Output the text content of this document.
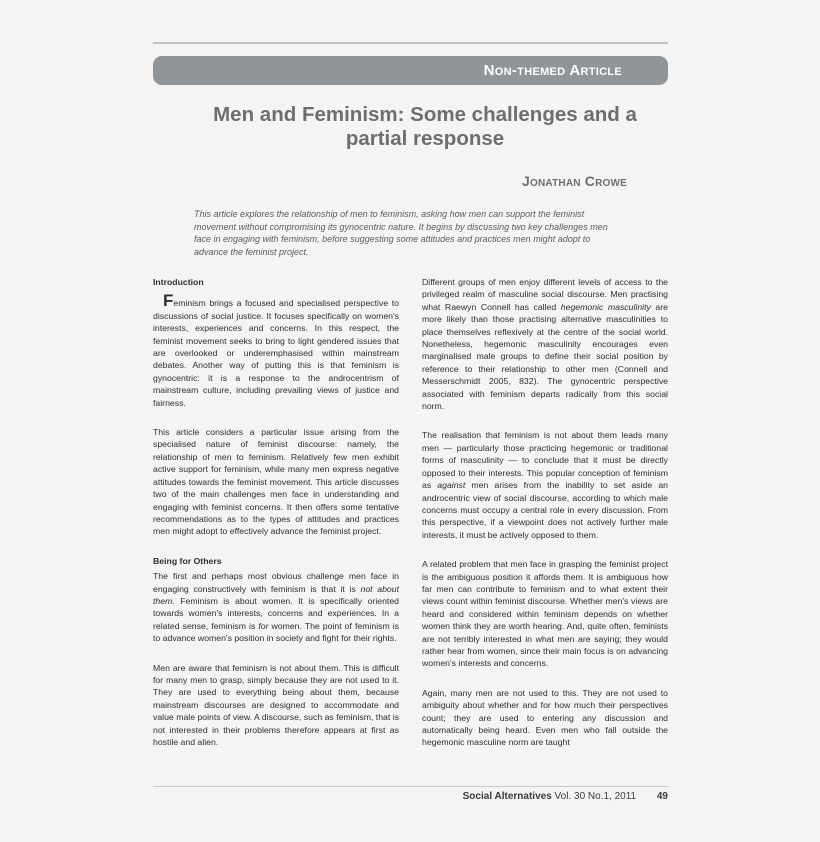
Non-themed Article
Men and Feminism: Some challenges and a partial response
Jonathan Crowe
This article explores the relationship of men to feminism, asking how men can support the feminist movement without compromising its gynocentric nature. It begins by discussing two key challenges men face in engaging with feminism, before suggesting some attitudes and practices men might adopt to advance the feminist project.
Introduction
Feminism brings a focused and specialised perspective to discussions of social justice. It focuses specifically on women's interests, experiences and concerns. In this respect, the feminist movement seeks to bring to light gendered issues that are overlooked or underemphasised within mainstream debates. Another way of putting this is that feminism is gynocentric: it is a response to the androcentrism of mainstream culture, including prevailing views of justice and fairness.
This article considers a particular issue arising from the specialised nature of feminist discourse: namely, the relationship of men to feminism. Relatively few men exhibit active support for feminism, while many men express negative attitudes towards the feminist movement. This article discusses two of the main challenges men face in understanding and engaging with feminist concerns. It then offers some tentative recommendations as to the types of attitudes and practices men might adopt to effectively advance the feminist project.
Being for Others
The first and perhaps most obvious challenge men face in engaging constructively with feminism is that it is not about them. Feminism is about women. It is specifically oriented towards women's interests, concerns and experiences. In a related sense, feminism is for women. The point of feminism is to advance women's position in society and fight for their rights.
Men are aware that feminism is not about them. This is difficult for many men to grasp, simply because they are not used to it. They are used to everything being about them, because mainstream discourses are designed to accommodate and value male points of view. A discourse, such as feminism, that is not interested in their problems therefore appears at first as hostile and alien.
Different groups of men enjoy different levels of access to the privileged realm of masculine social discourse. Men practising what Raewyn Connell has called hegemonic masculinity are more likely than those practising alternative masculinities to place themselves reflexively at the centre of the social world. Nonetheless, hegemonic masculinity encourages even marginalised male groups to define their social position by reference to their relationship to other men (Connell and Messerschmidt 2005, 832). The gynocentric perspective associated with feminism departs radically from this social norm.
The realisation that feminism is not about them leads many men — particularly those practicing hegemonic or traditional forms of masculinity — to conclude that it must be directly opposed to their interests. This popular conception of feminism as against men arises from the inability to set aside an androcentric view of social discourse, according to which male concerns must occupy a central role in every discussion. From this perspective, if a viewpoint does not actively further male interests, it must be actively opposed to them.
A related problem that men face in grasping the feminist project is the ambiguous position it affords them. It is ambiguous how far men can contribute to feminism and to what extent their views count within feminist discourse. Whether men's views are heard and considered within feminism depends on whether women think they are worth hearing. And, quite often, feminists are not terribly interested in what men are saying; they would rather hear from women, since their main focus is on advancing women's interests and concerns.
Again, many men are not used to this. They are not used to ambiguity about whether and for how much their perspectives count; they are used to entering any discussion and automatically being heard. Even men who fall outside the hegemonic masculine norm are taught
Social Alternatives Vol. 30 No.1, 2011 49
